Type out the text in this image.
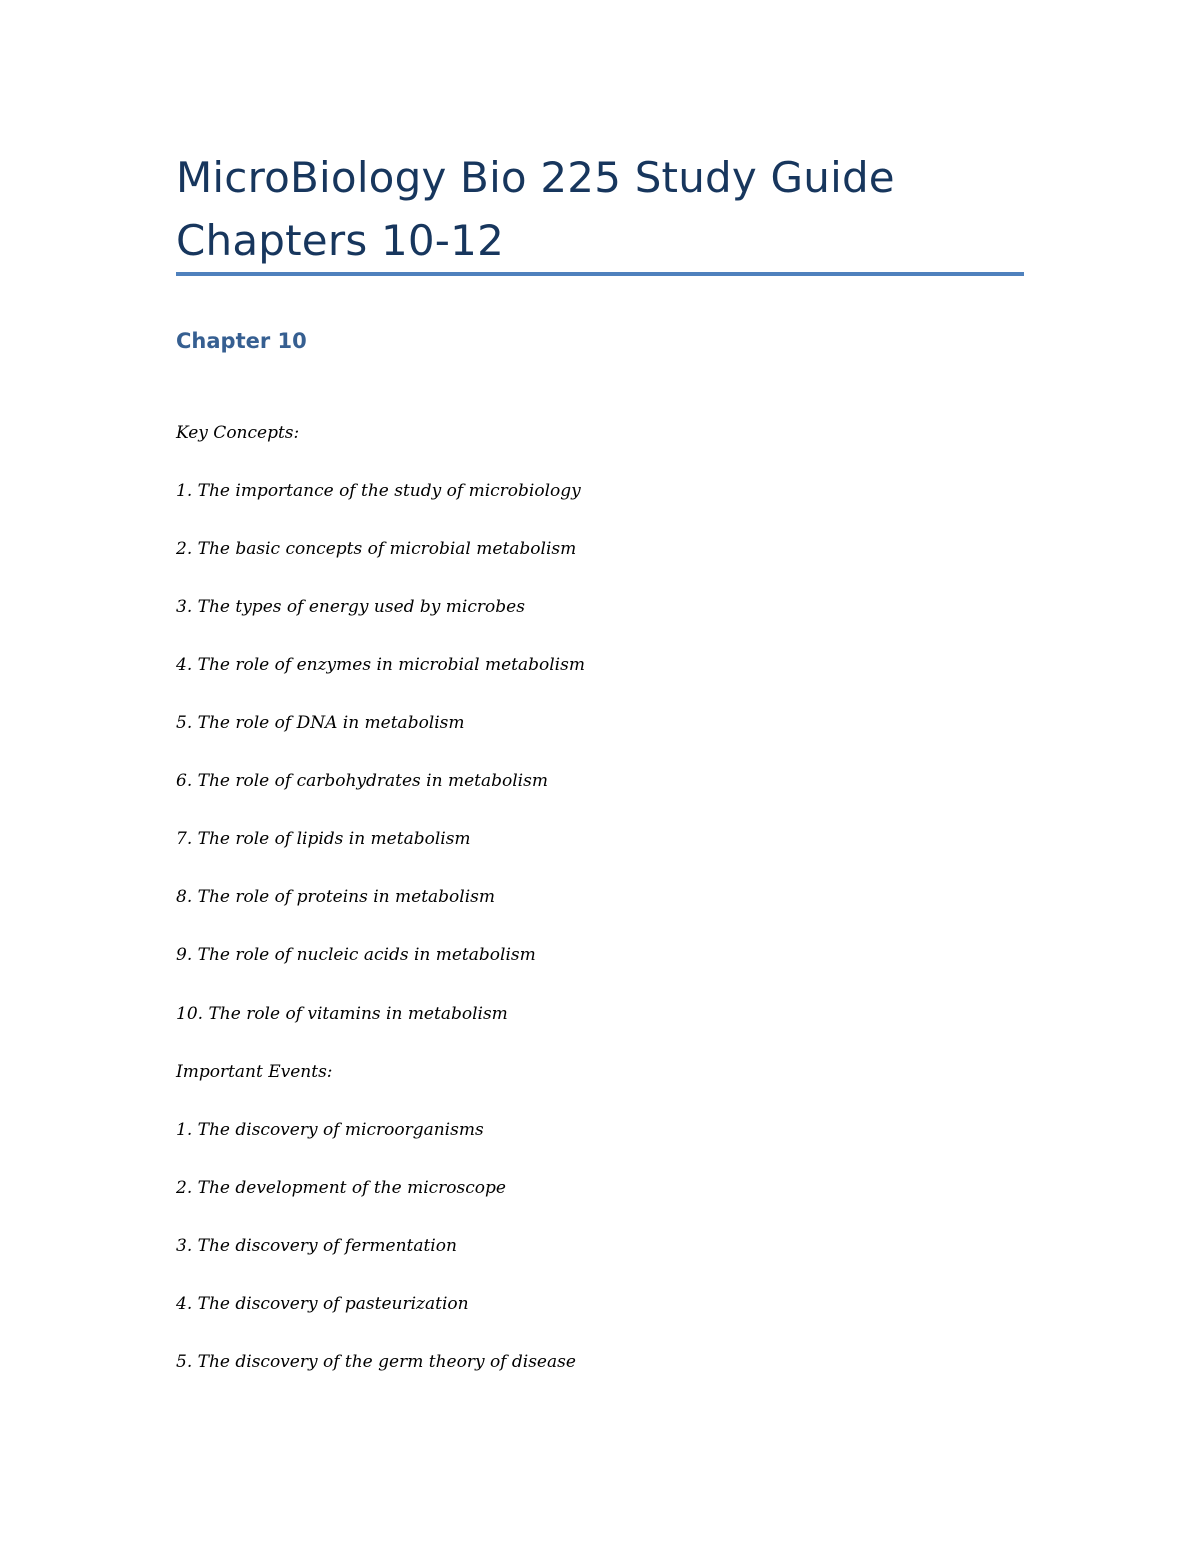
MicroBiology Bio 225 Study Guide
Chapters 10-12
Chapter 10
Key Concepts:
1. The importance of the study of microbiology
2. The basic concepts of microbial metabolism
3. The types of energy used by microbes
4. The role of enzymes in microbial metabolism
5. The role of DNA in metabolism
6. The role of carbohydrates in metabolism
7. The role of lipids in metabolism
8. The role of proteins in metabolism
9. The role of nucleic acids in metabolism
10. The role of vitamins in metabolism
Important Events:
1. The discovery of microorganisms
2. The development of the microscope
3. The discovery of fermentation
4. The discovery of pasteurization
5. The discovery of the germ theory of disease
